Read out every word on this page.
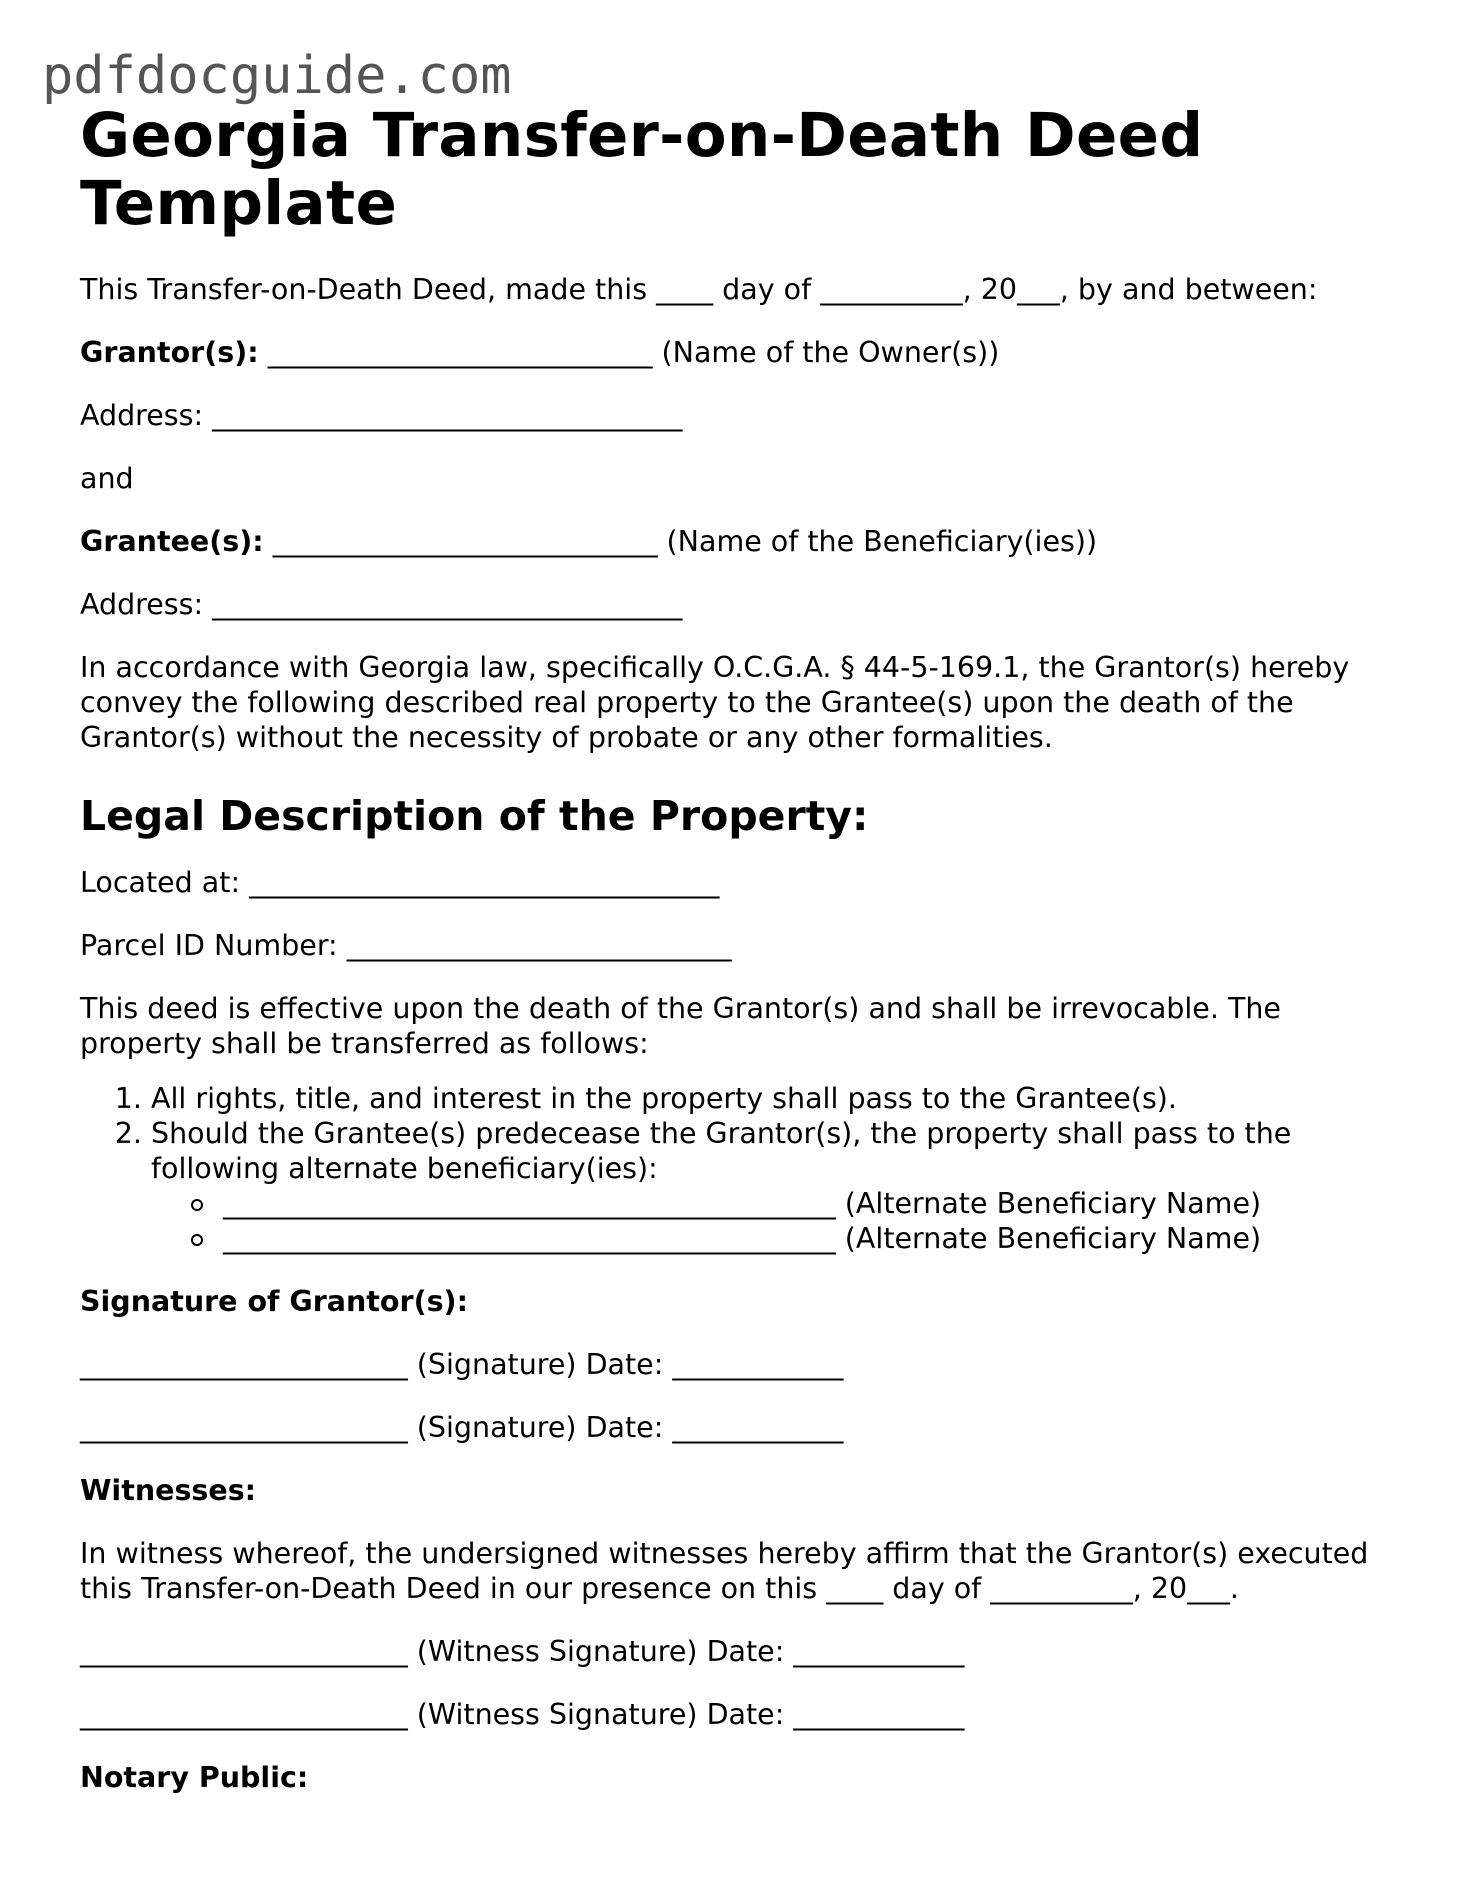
pdfdocguide.com
Georgia Transfer-on-Death Deed Template

This Transfer-on-Death Deed, made this ____ day of __________, 20___, by and between:

Grantor(s): ___________________________ (Name of the Owner(s))

Address: _________________________________

and

Grantee(s): ___________________________ (Name of the Beneficiary(ies))

Address: _________________________________

In accordance with Georgia law, specifically O.C.G.A. § 44-5-169.1, the Grantor(s) hereby convey the following described real property to the Grantee(s) upon the death of the Grantor(s) without the necessity of probate or any other formalities.

Legal Description of the Property:

Located at: _________________________________

Parcel ID Number: ___________________________

This deed is effective upon the death of the Grantor(s) and shall be irrevocable. The property shall be transferred as follows:

1. All rights, title, and interest in the property shall pass to the Grantee(s).
2. Should the Grantee(s) predecease the Grantor(s), the property shall pass to the following alternate beneficiary(ies):
___________________________________________ (Alternate Beneficiary Name)
___________________________________________ (Alternate Beneficiary Name)

Signature of Grantor(s):

_______________________ (Signature) Date: ____________

_______________________ (Signature) Date: ____________

Witnesses:

In witness whereof, the undersigned witnesses hereby affirm that the Grantor(s) executed this Transfer-on-Death Deed in our presence on this ____ day of __________, 20___.

_______________________ (Witness Signature) Date: ____________

_______________________ (Witness Signature) Date: ____________

Notary Public:
